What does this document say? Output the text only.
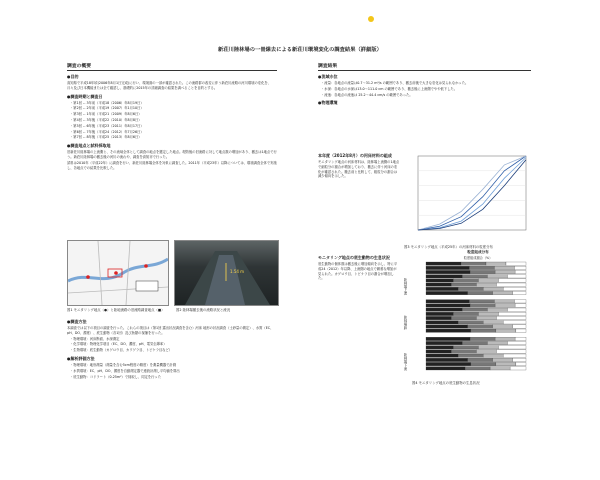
新荘川陸林場の一冊線去による新荘川環境変化の調査結果（詳細版）
調査の概要
●目的
高知県で平成18年頃(2006年8月1日完成)に行い、環境面の一部が確認された。この流路群の改変に伴う新荘川流路の河川環境の変化を、月々及び日本機能または全て確認し、基礎的に2015年の詳細調査の結果を調べることを目的とする。
●調査時期と調査日
・第1回 -- 3年前（平成18（2006）年8月19日）
・第2回 -- 2年前（平成19（2007）年1月10日）
・第3回 -- 1年前（平成21（2009）年8月6日）
・第4回 -- 3年後（平成22（2010）年8月8日）
・第5回 -- 6年後（平成23（2011）年8月17日）
・第6回 -- 7年後（平成24（2012）年7月26日）
・第7回 -- 8年後（平成25（2013）年8月6日）
●調査地点と試料採取地
旧新荘川陸林場の上流側と、その流域全体として調査の地点を選定した地点。堤防後の旧流路に対して地点数の増加があり、撤去は1地点で行う。新荘川陸林場の撤去後の河川の流れや、調査を高知市で行った。
試料は2010年（平成22年）に調査を行い、新荘川陸林場全体を対象に調査した。2011年（平成23年）以降については、環境調査全体で実施し、各地点での結果を比較した。
1.54 m
図1 モニタリング地点（●）と陸地流路の旧流路調査地点（■）	図2 陸林場撤去後の流路状況と流況
●調査方法
本調査では以下の項目の調査を行った。これらの項目は（第1回 露出状況調査を含む）河床 地形の状況調査（土砂量の測定）、水質（EC、pH、DO、濁度）、底生動物（各1回）及び魚類の採捕を行った。
・物理環境：河床断面、水深測定
・化学環境：物理化学項目（EC、DO、濁度、pH、電気伝導率）
・生物環境：底生動物（カゲロウ目、カワゲラ目、トビケラ目など）
●解析評価方法
・物理環境：地形測量（測量を含む5cm程度の精度）を測量機器で計測
・水質環境：EC、pH、DO、濁度を自動測定器で連続計測し平均値を算出
・底生動物：コドラート（0.25m²）で採取し、同定を行った
調査結果
●流域水位
・流量：各地点の流量は0.7～31.2 m³/s の範囲であり、撤去前後で大きな変化は見られなかった。
・水深：各地点の水深は13.0～111.0 cm の範囲であり、撤去後に上流側でやや低下した。
・流速：各地点の流速は 25.2～44.4 cm/s の範囲であった。
●物理環境
本年度（2012年8月）の河床材料の組成
モニタリング地点の河床材料は、陸林場上流側の1地点で細粒分の割合が増加しており、撤去に伴う河床の変化が確認された。撤去前と比較して、粗粒分の割合は減少傾向を示した。
図3 モニタリング地点（平成25年）の河床材料の粒度分布
モニタリング地点の底生動物の生息状況
底生動物の個体数は撤去後に増加傾向を示し、特に平成24（2012）年以降、上流側の地点で顕著な増加が見られた。カゲロウ目、トビケラ目の割合が増加した。
粒度組成分布
粒度組成割合（%）
陸林場上流
陸林場跡
陸林場下流
図4 モニタリング地点の底生動物の生息状況
